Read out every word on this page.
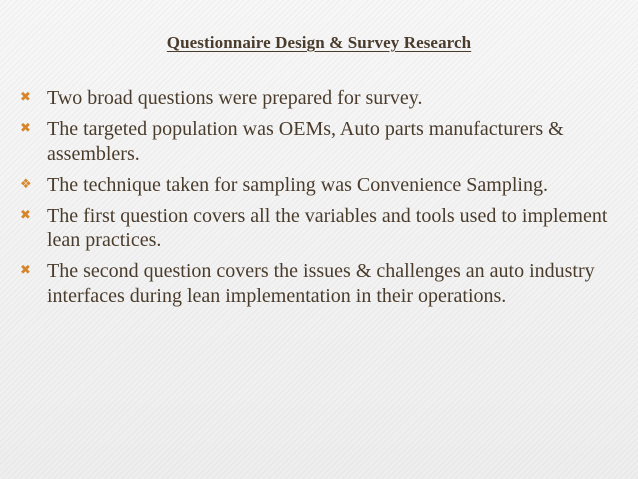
Questionnaire Design & Survey Research
✖ Two broad questions were prepared for survey.
✖ The targeted population was OEMs, Auto parts manufacturers & assemblers.
❖ The technique taken for sampling was Convenience Sampling.
✖ The first question covers all the variables and tools used to implement lean practices.
✖ The second question covers the issues & challenges an auto industry interfaces during lean implementation in their operations.
